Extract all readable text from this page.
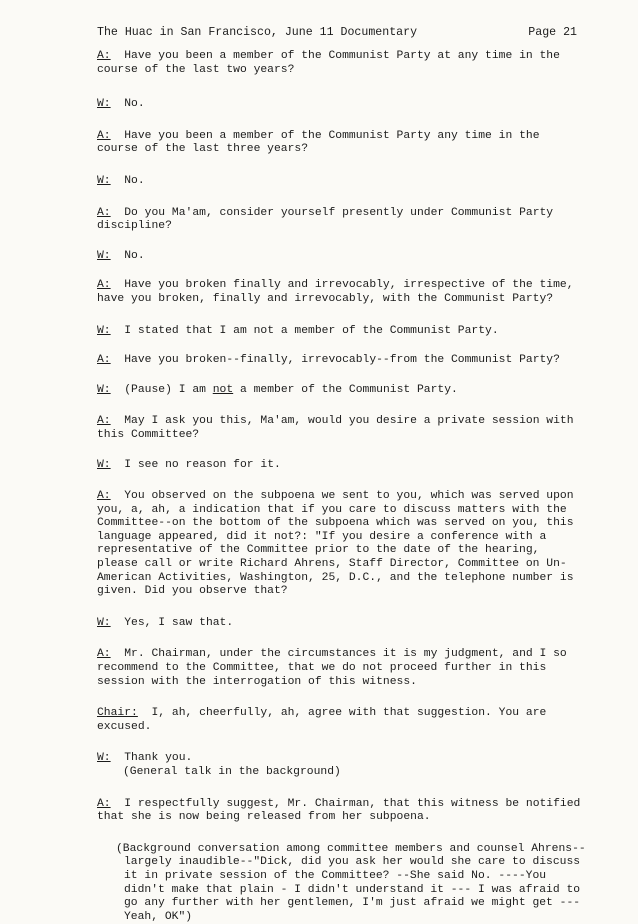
The Huac in San Francisco, June 11 Documentary	Page 21

A: Have you been a member of the Communist Party at any time in the course of the last two years?

W: No.

A: Have you been a member of the Communist Party any time in the course of the last three years?

W: No.

A: Do you Ma'am, consider yourself presently under Communist Party discipline?

W: No.

A: Have you broken finally and irrevocably, irrespective of the time, have you broken, finally and irrevocably, with the Communist Party?

W: I stated that I am not a member of the Communist Party.

A: Have you broken--finally, irrevocably--from the Communist Party?

W: (Pause) I am not a member of the Communist Party.

A: May I ask you this, Ma'am, would you desire a private session with this Committee?

W: I see no reason for it.

A: You observed on the subpoena we sent to you, which was served upon you, a, ah, a indication that if you care to discuss matters with the Committee--on the bottom of the subpoena which was served on you, this language appeared, did it not?: "If you desire a conference with a representative of the Committee prior to the date of the hearing, please call or write Richard Ahrens, Staff Director, Committee on Un-American Activities, Washington, 25, D.C., and the telephone number is given. Did you observe that?

W: Yes, I saw that.

A: Mr. Chairman, under the circumstances it is my judgment, and I so recommend to the Committee, that we do not proceed further in this session with the interrogation of this witness.

Chair: I, ah, cheerfully, ah, agree with that suggestion. You are excused.

W: Thank you.

(General talk in the background)

A: I respectfully suggest, Mr. Chairman, that this witness be notified that she is now being released from her subpoena.

(Background conversation among committee members and counsel Ahrens--largely inaudible--"Dick, did you ask her would she care to discuss it in private session of the Committee? --She said No. ----You didn't make that plain - I didn't understand it --- I was afraid to go any further with her gentlemen, I'm just afraid we might get ---Yeah, OK")
